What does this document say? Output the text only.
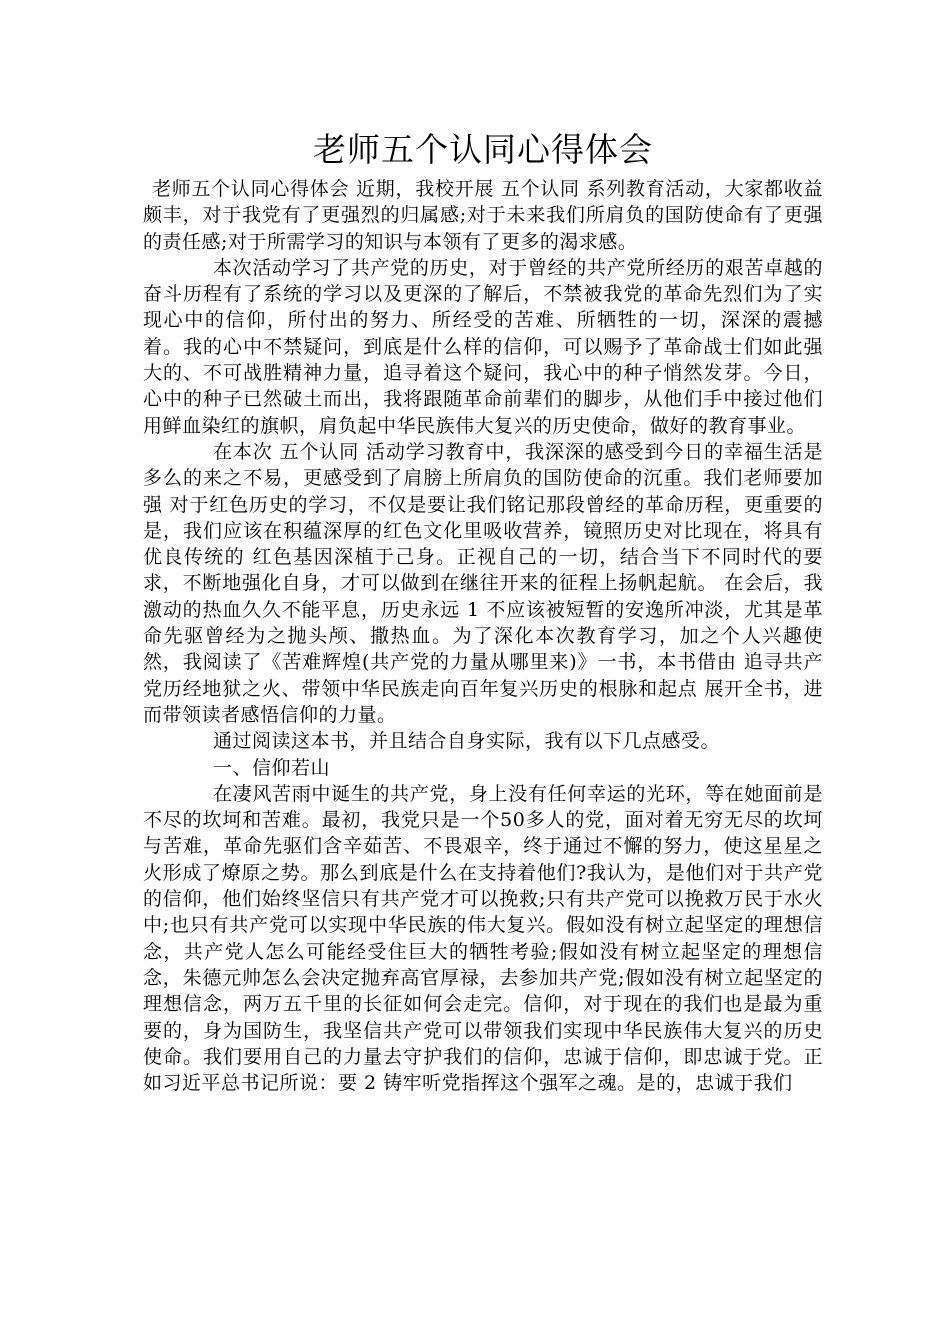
老师五个认同心得体会

老师五个认同心得体会 近期，我校开展 五个认同 系列教育活动，大家都收益颇丰，对于我党有了更强烈的归属感;对于未来我们所肩负的国防使命有了更强的责任感;对于所需学习的知识与本领有了更多的渴求感。

本次活动学习了共产党的历史，对于曾经的共产党所经历的艰苦卓越的奋斗历程有了系统的学习以及更深的了解后，不禁被我党的革命先烈们为了实现心中的信仰，所付出的努力、所经受的苦难、所牺牲的一切，深深的震撼着。我的心中不禁疑问，到底是什么样的信仰，可以赐予了革命战士们如此强大的、不可战胜精神力量，追寻着这个疑问，我心中的种子悄然发芽。今日，心中的种子已然破土而出，我将跟随革命前辈们的脚步，从他们手中接过他们用鲜血染红的旗帜，肩负起中华民族伟大复兴的历史使命，做好的教育事业。

在本次 五个认同 活动学习教育中，我深深的感受到今日的幸福生活是多么的来之不易，更感受到了肩膀上所肩负的国防使命的沉重。我们老师要加强 对于红色历史的学习，不仅是要让我们铭记那段曾经的革命历程，更重要的是，我们应该在积蕴深厚的红色文化里吸收营养，镜照历史对比现在，将具有优良传统的 红色基因深植于己身。正视自己的一切，结合当下不同时代的要求，不断地强化自身，才可以做到在继往开来的征程上扬帆起航。 在会后，我激动的热血久久不能平息，历史永远 1 不应该被短暂的安逸所冲淡，尤其是革命先驱曾经为之抛头颅、撒热血。为了深化本次教育学习，加之个人兴趣使然，我阅读了《苦难辉煌(共产党的力量从哪里来)》一书，本书借由 追寻共产党历经地狱之火、带领中华民族走向百年复兴历史的根脉和起点 展开全书，进而带领读者感悟信仰的力量。

通过阅读这本书，并且结合自身实际，我有以下几点感受。

一、信仰若山

在凄风苦雨中诞生的共产党，身上没有任何幸运的光环，等在她面前是不尽的坎坷和苦难。最初，我党只是一个50多人的党，面对着无穷无尽的坎坷与苦难，革命先驱们含辛茹苦、不畏艰辛，终于通过不懈的努力，使这星星之火形成了燎原之势。那么到底是什么在支持着他们?我认为，是他们对于共产党的信仰，他们始终坚信只有共产党才可以挽救;只有共产党可以挽救万民于水火中;也只有共产党可以实现中华民族的伟大复兴。假如没有树立起坚定的理想信念，共产党人怎么可能经受住巨大的牺牲考验;假如没有树立起坚定的理想信念，朱德元帅怎么会决定抛弃高官厚禄，去参加共产党;假如没有树立起坚定的理想信念，两万五千里的长征如何会走完。信仰，对于现在的我们也是最为重要的，身为国防生，我坚信共产党可以带领我们实现中华民族伟大复兴的历史使命。我们要用自己的力量去守护我们的信仰，忠诚于信仰，即忠诚于党。正如习近平总书记所说：要 2 铸牢听党指挥这个强军之魂。是的，忠诚于我们
